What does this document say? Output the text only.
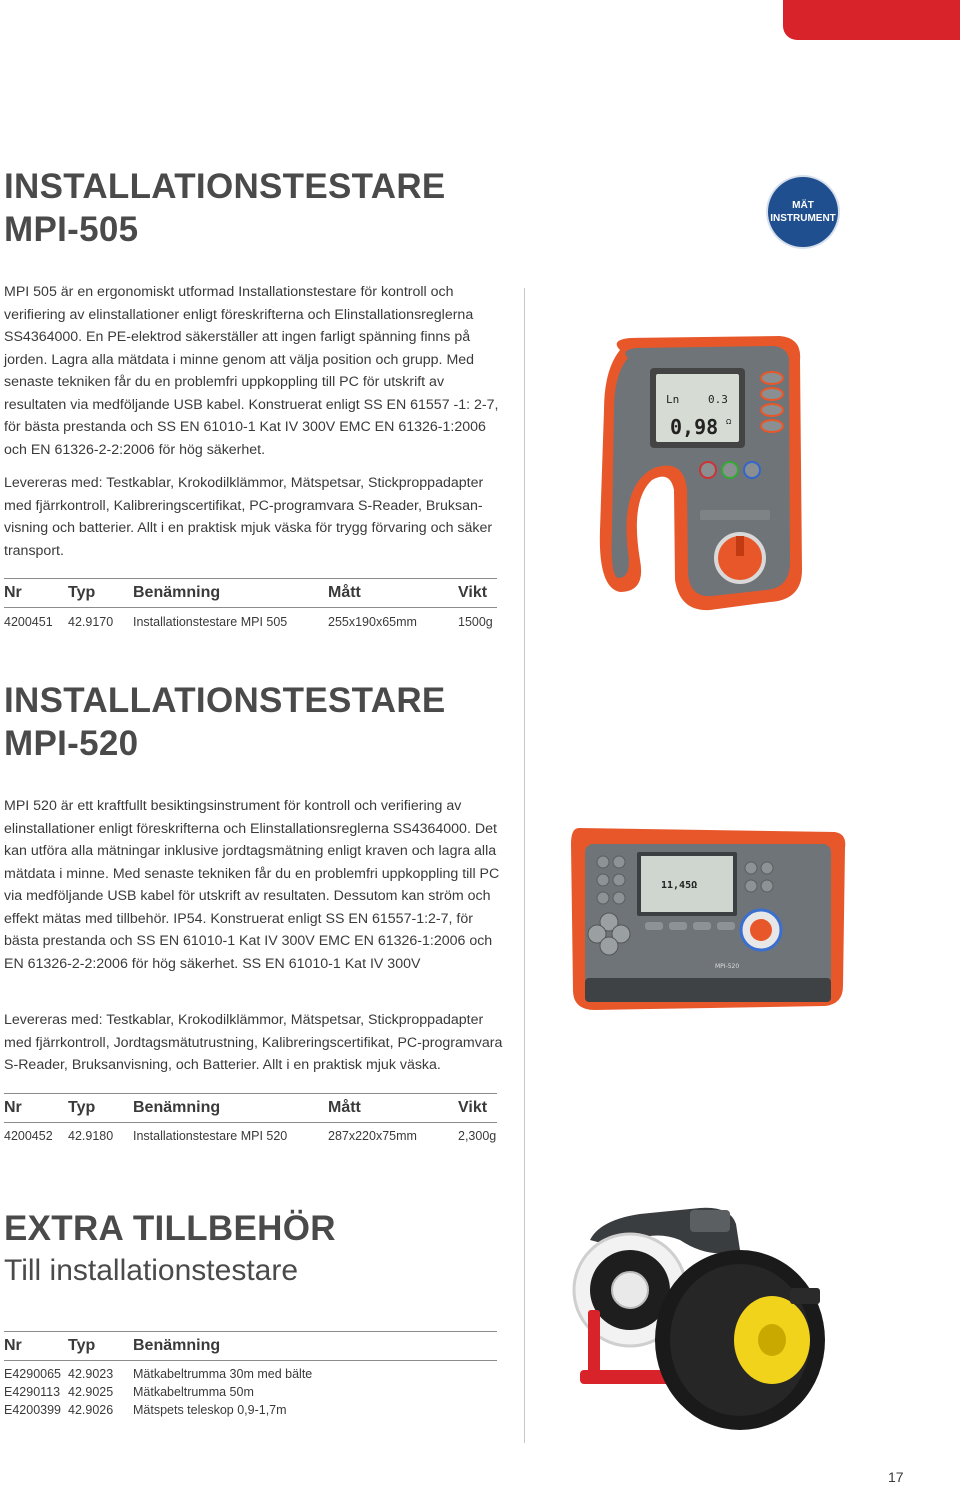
MÄT
INSTRUMENT
INSTALLATIONSTESTARE
MPI-505

MPI 505 är en ergonomiskt utformad Installationstestare för kontroll och verifiering av elinstallationer enligt föreskrifterna och Elinstallationsreglerna SS4364000. En PE-elektrod säkerställer att ingen farligt spänning finns på jorden. Lagra alla mätdata i minne genom att välja position och grupp. Med senaste tekniken får du en problemfri uppkoppling till PC för utskrift av resultaten via medföljande USB kabel. Konstruerat enligt SS EN 61557 -1: 2-7, för bästa prestanda och SS EN 61010-1 Kat IV 300V EMC EN 61326-1:2006 och EN 61326-2-2:2006 för hög säkerhet.

Levereras med: Testkablar, Krokodilklämmor, Mätspetsar, Stickproppadapter med fjärrkontroll, Kalibreringscertifikat, PC-programvara S-Reader, Bruksanvisning och batterier. Allt i en praktisk mjuk väska för trygg förvaring och säker transport.

Nr	Typ Benämning	Mått	Vikt
4200451 42.9170 Installationstestare MPI 505	255x190x65mm	1500g
Ln	0.3
0,98 Ω
INSTALLATIONSTESTARE
MPI-520

MPI 520 är ett kraftfullt besiktingsinstrument för kontroll och verifiering av elinstallationer enligt föreskrifterna och Elinstallationsreglerna SS4364000. Det kan utföra alla mätningar inklusive jordtagsmätning enligt kraven och lagra alla mätdata i minne. Med senaste tekniken får du en problemfri uppkoppling till PC via medföljande USB kabel för utskrift av resultaten. Dessutom kan ström och effekt mätas med tillbehör. IP54. Konstruerat enligt SS EN 61557-1:2-7, för bästa prestanda och SS EN 61010-1 Kat IV 300V EMC EN 61326-1:2006 och EN 61326-2-2:2006 för hög säkerhet. SS EN 61010-1 Kat IV 300V

Levereras med: Testkablar, Krokodilklämmor, Mätspetsar, Stickproppadapter med fjärrkontroll, Jordtagsmätutrustning, Kalibreringscertifikat, PC-programvara S-Reader, Bruksanvisning, och Batterier. Allt i en praktisk mjuk väska.

Nr	Typ Benämning	Mått	Vikt
4200452 42.9180 Installationstestare MPI 520	287x220x75mm	2,300g
11,45Ω
MPI-520
EXTRA TILLBEHÖR
Till installationstestare
Nr	Typ Benämning
E4290065 42.9023 Mätkabeltrumma 30m med bälte
E4290113 42.9025 Mätkabeltrumma 50m
E4200399 42.9026 Mätspets teleskop 0,9-1,7m
17
